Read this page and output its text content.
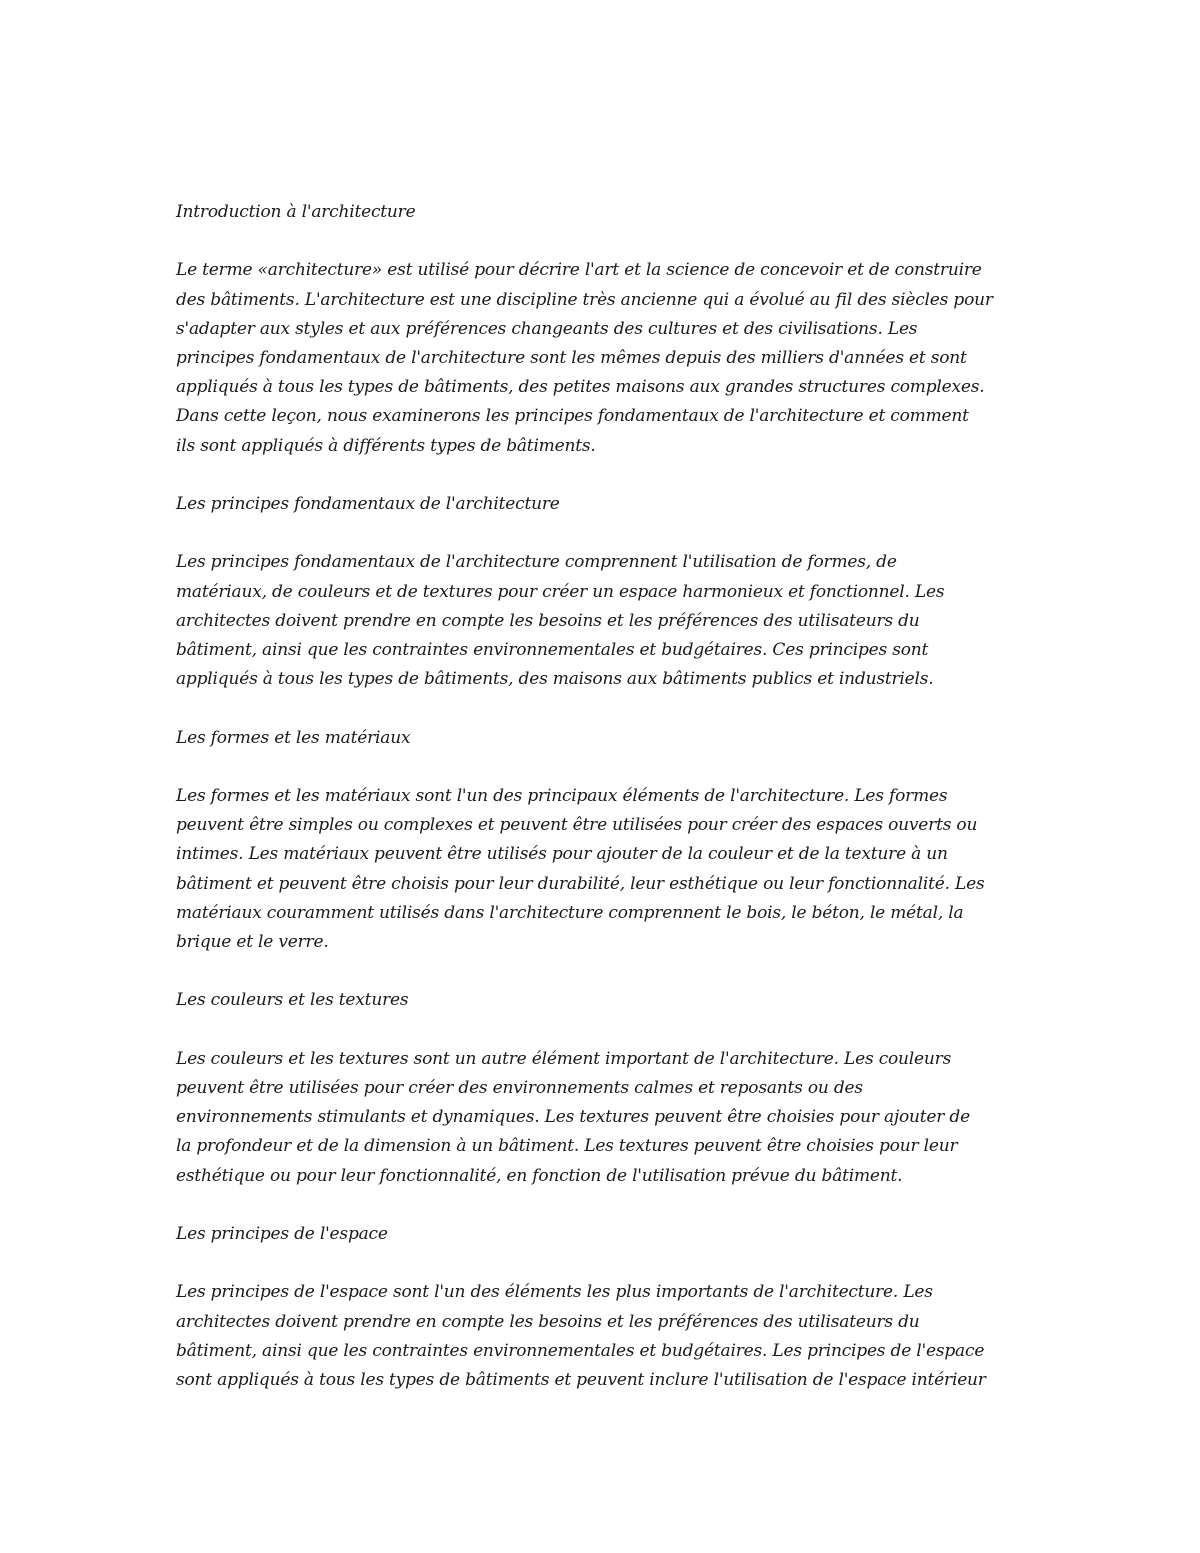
Introduction à l'architecture
Le terme «architecture» est utilisé pour décrire l'art et la science de concevoir et de construire
des bâtiments. L'architecture est une discipline très ancienne qui a évolué au fil des siècles pour
s'adapter aux styles et aux préférences changeants des cultures et des civilisations. Les
principes fondamentaux de l'architecture sont les mêmes depuis des milliers d'années et sont
appliqués à tous les types de bâtiments, des petites maisons aux grandes structures complexes.
Dans cette leçon, nous examinerons les principes fondamentaux de l'architecture et comment
ils sont appliqués à différents types de bâtiments.
Les principes fondamentaux de l'architecture
Les principes fondamentaux de l'architecture comprennent l'utilisation de formes, de
matériaux, de couleurs et de textures pour créer un espace harmonieux et fonctionnel. Les
architectes doivent prendre en compte les besoins et les préférences des utilisateurs du
bâtiment, ainsi que les contraintes environnementales et budgétaires. Ces principes sont
appliqués à tous les types de bâtiments, des maisons aux bâtiments publics et industriels.
Les formes et les matériaux
Les formes et les matériaux sont l'un des principaux éléments de l'architecture. Les formes
peuvent être simples ou complexes et peuvent être utilisées pour créer des espaces ouverts ou
intimes. Les matériaux peuvent être utilisés pour ajouter de la couleur et de la texture à un
bâtiment et peuvent être choisis pour leur durabilité, leur esthétique ou leur fonctionnalité. Les
matériaux couramment utilisés dans l'architecture comprennent le bois, le béton, le métal, la
brique et le verre.
Les couleurs et les textures
Les couleurs et les textures sont un autre élément important de l'architecture. Les couleurs
peuvent être utilisées pour créer des environnements calmes et reposants ou des
environnements stimulants et dynamiques. Les textures peuvent être choisies pour ajouter de
la profondeur et de la dimension à un bâtiment. Les textures peuvent être choisies pour leur
esthétique ou pour leur fonctionnalité, en fonction de l'utilisation prévue du bâtiment.
Les principes de l'espace
Les principes de l'espace sont l'un des éléments les plus importants de l'architecture. Les
architectes doivent prendre en compte les besoins et les préférences des utilisateurs du
bâtiment, ainsi que les contraintes environnementales et budgétaires. Les principes de l'espace
sont appliqués à tous les types de bâtiments et peuvent inclure l'utilisation de l'espace intérieur
